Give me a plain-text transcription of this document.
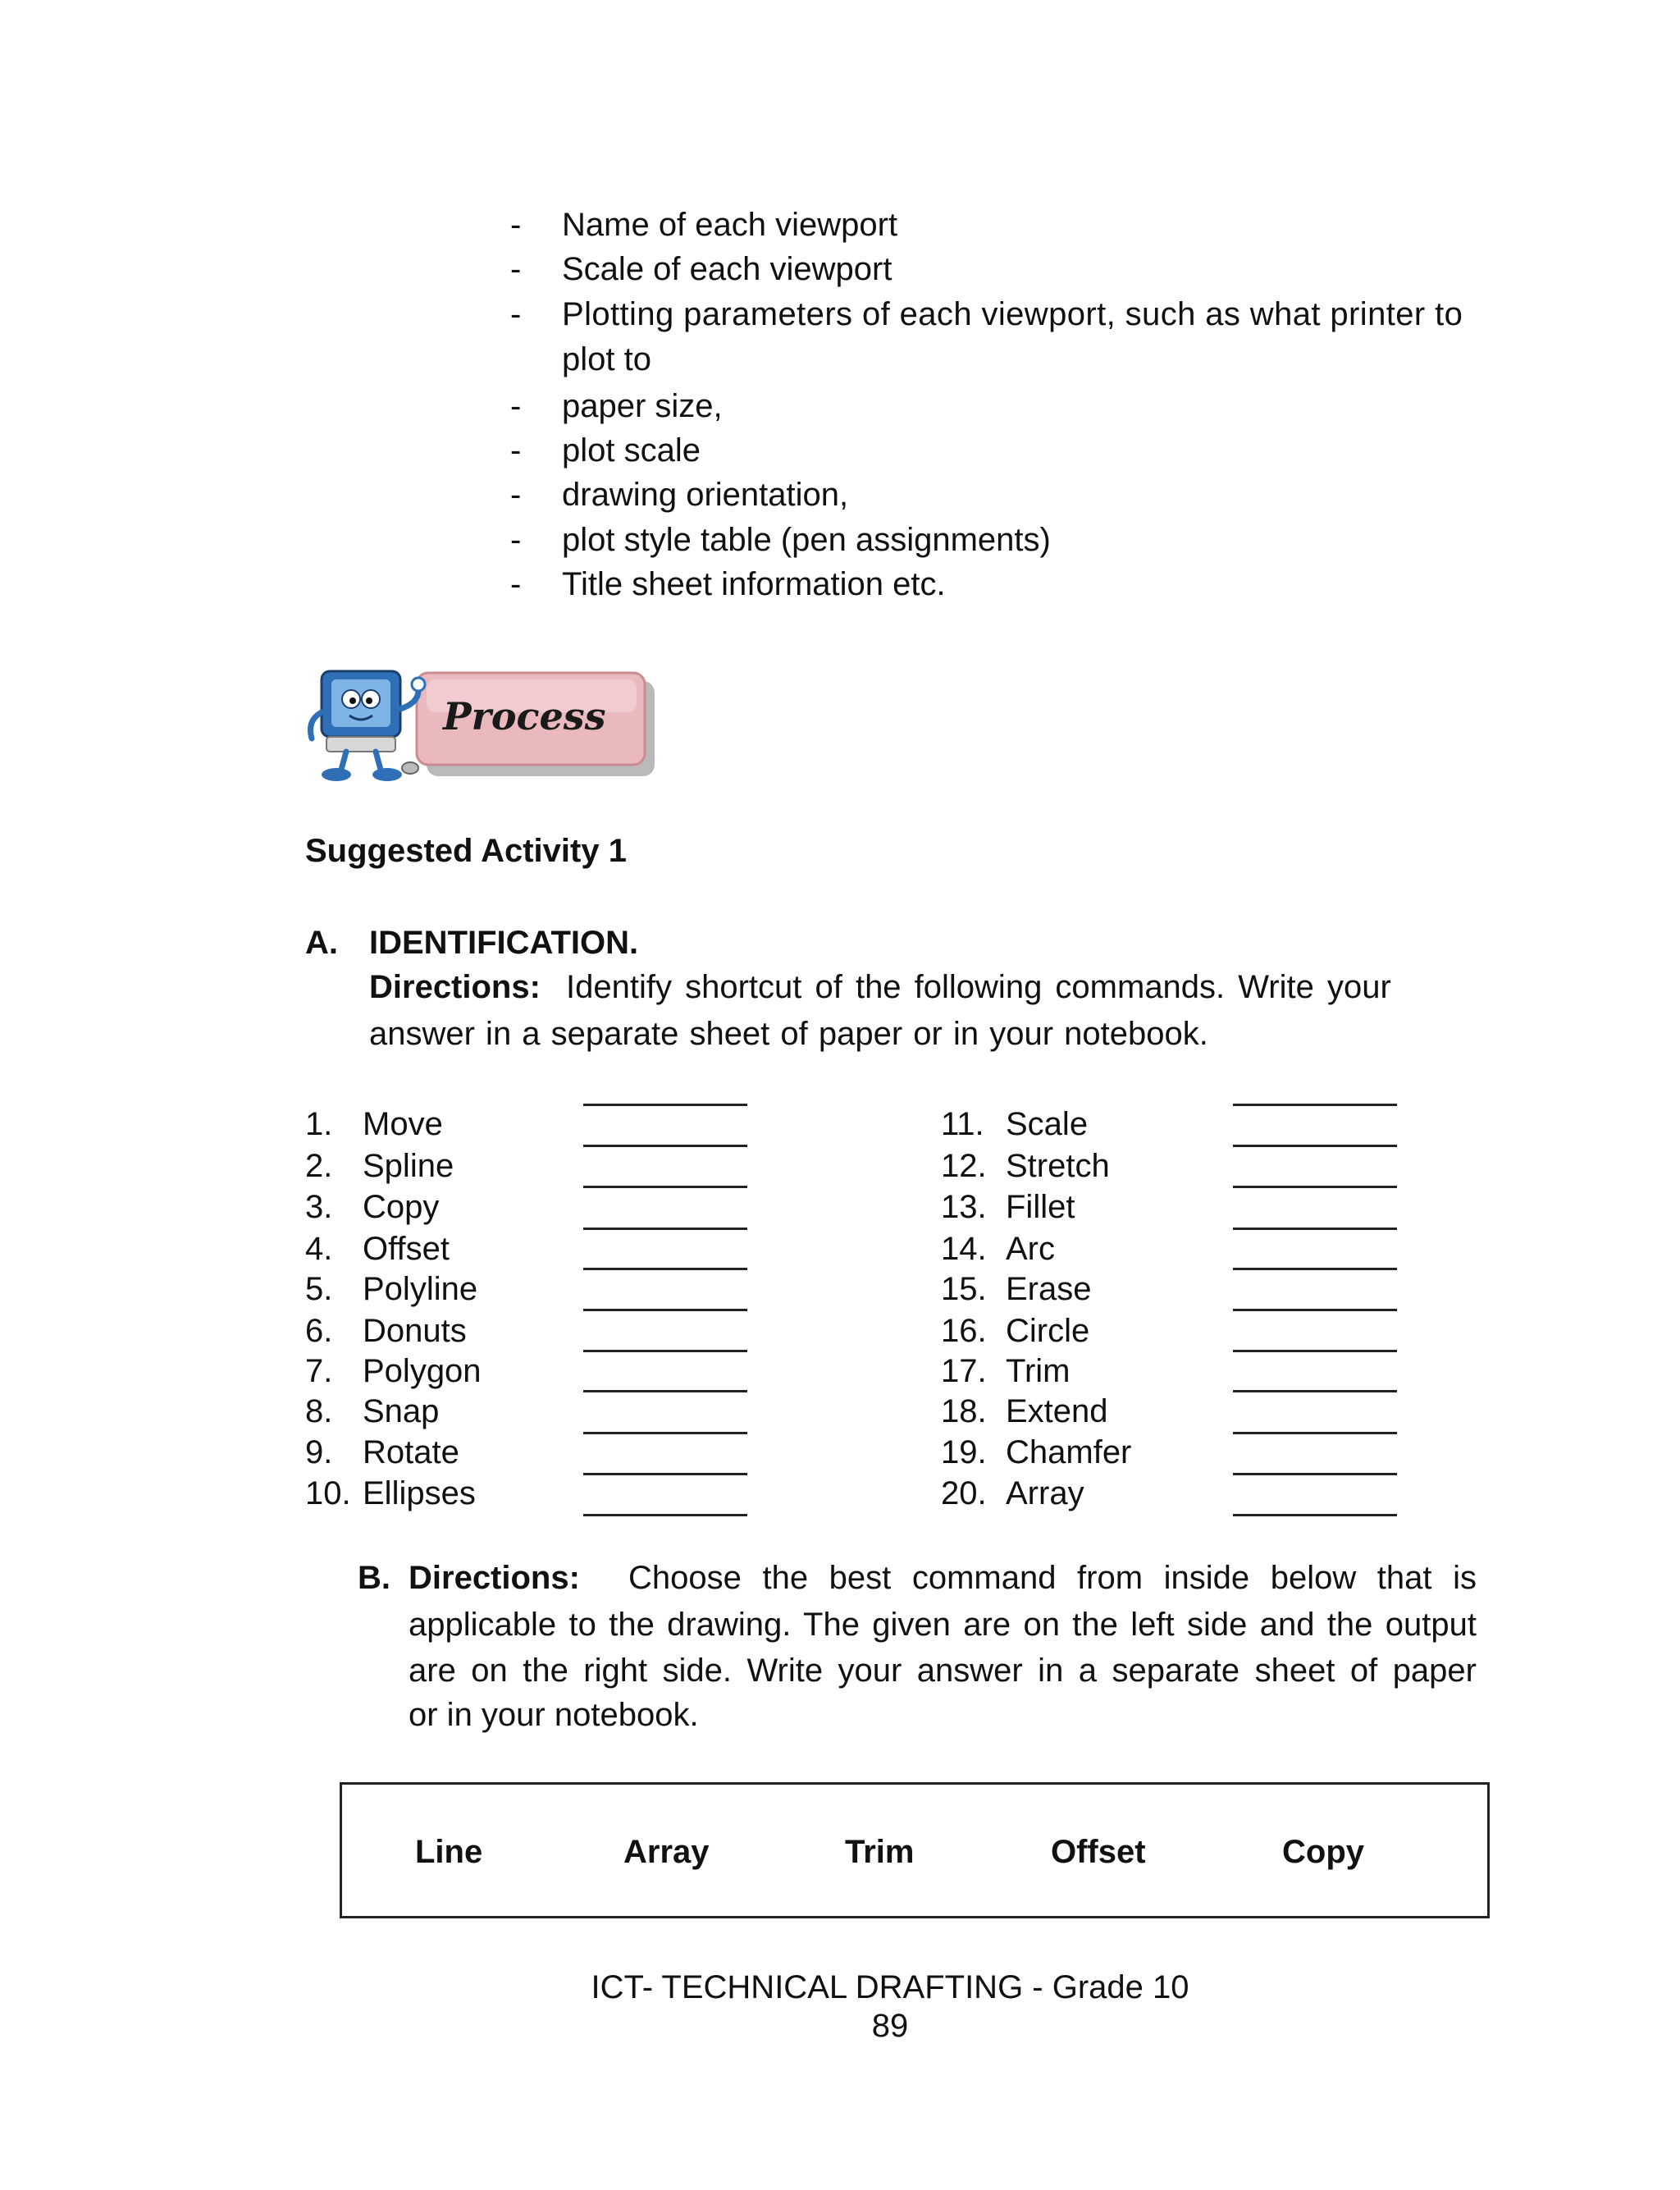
- Name of each viewport
- Scale of each viewport
- Plotting parameters of each viewport, such as what printer to
plot to
- paper size,
- plot scale
- drawing orientation,
- plot style table (pen assignments)
- Title sheet information etc.
Process
Suggested Activity 1
A. IDENTIFICATION.
Directions: Identify shortcut of the following commands. Write your
answer in a separate sheet of paper or in your notebook.
1. Move
2. Spline
3. Copy
4. Offset
5. Polyline
6. Donuts
7. Polygon
8. Snap
9. Rotate
10. Ellipses
11. Scale
12. Stretch
13. Fillet
14. Arc
15. Erase
16. Circle
17. Trim
18. Extend
19. Chamfer
20. Array
B. Directions: Choose the best command from inside below that is
applicable to the drawing. The given are on the left side and the output
are on the right side. Write your answer in a separate sheet of paper
or in your notebook.
Line	Array	Trim	Offset	Copy
ICT- TECHNICAL DRAFTING - Grade 10
89
